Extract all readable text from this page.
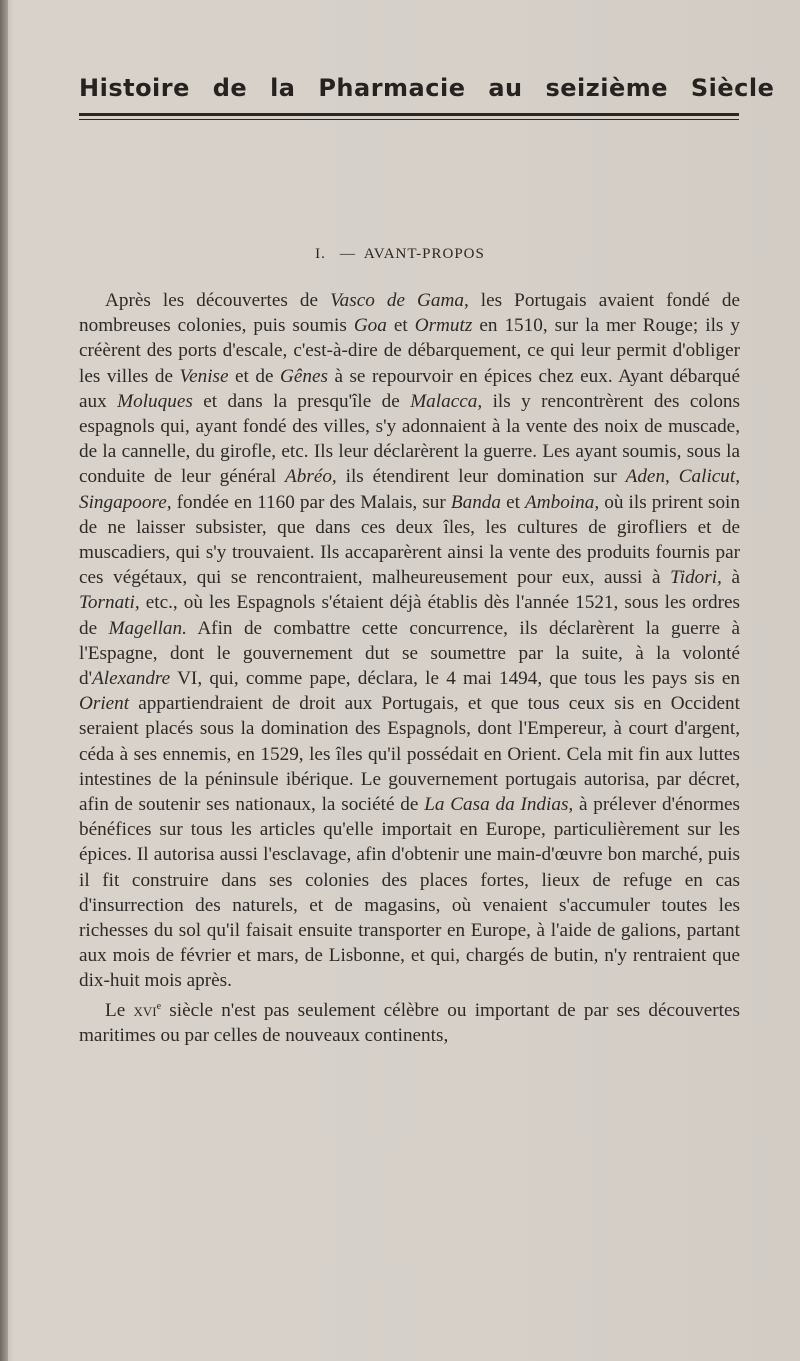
Histoire de la Pharmacie au seizième Siècle
I. — AVANT-PROPOS

Après les découvertes de Vasco de Gama, les Portugais avaient fondé de nombreuses colonies, puis soumis Goa et Ormutz en 1510, sur la mer Rouge; ils y créèrent des ports d'escale, c'est-à-dire de débarquement, ce qui leur permit d'obliger les villes de Venise et de Gênes à se repourvoir en épices chez eux. Ayant débarqué aux Moluques et dans la presqu'île de Malacca, ils y rencontrèrent des colons espagnols qui, ayant fondé des villes, s'y adonnaient à la vente des noix de muscade, de la cannelle, du girofle, etc. Ils leur déclarèrent la guerre. Les ayant soumis, sous la conduite de leur général Abréo, ils étendirent leur domination sur Aden, Calicut, Singapoore, fondée en 1160 par des Malais, sur Banda et Amboina, où ils prirent soin de ne laisser subsister, que dans ces deux îles, les cultures de girofliers et de muscadiers, qui s'y trouvaient. Ils accaparèrent ainsi la vente des produits fournis par ces végétaux, qui se rencontraient, malheureusement pour eux, aussi à Tidori, à Tornati, etc., où les Espagnols s'étaient déjà établis dès l'année 1521, sous les ordres de Magellan. Afin de combattre cette concurrence, ils déclarèrent la guerre à l'Espagne, dont le gouvernement dut se soumettre par la suite, à la volonté d'Alexandre VI, qui, comme pape, déclara, le 4 mai 1494, que tous les pays sis en Orient appartiendraient de droit aux Portugais, et que tous ceux sis en Occident seraient placés sous la domination des Espagnols, dont l'Empereur, à court d'argent, céda à ses ennemis, en 1529, les îles qu'il possédait en Orient. Cela mit fin aux luttes intestines de la péninsule ibérique. Le gouvernement portugais autorisa, par décret, afin de soutenir ses nationaux, la société de La Casa da Indias, à prélever d'énormes bénéfices sur tous les articles qu'elle importait en Europe, particulièrement sur les épices. Il autorisa aussi l'esclavage, afin d'obtenir une main-d'œuvre bon marché, puis il fit construire dans ses colonies des places fortes, lieux de refuge en cas d'insurrection des naturels, et de magasins, où venaient s'accumuler toutes les richesses du sol qu'il faisait ensuite transporter en Europe, à l'aide de galions, partant aux mois de février et mars, de Lisbonne, et qui, chargés de butin, n'y rentraient que dix-huit mois après.

Le xvi$^e$ siècle n'est pas seulement célèbre ou important de par ses découvertes maritimes ou par celles de nouveaux continents,
